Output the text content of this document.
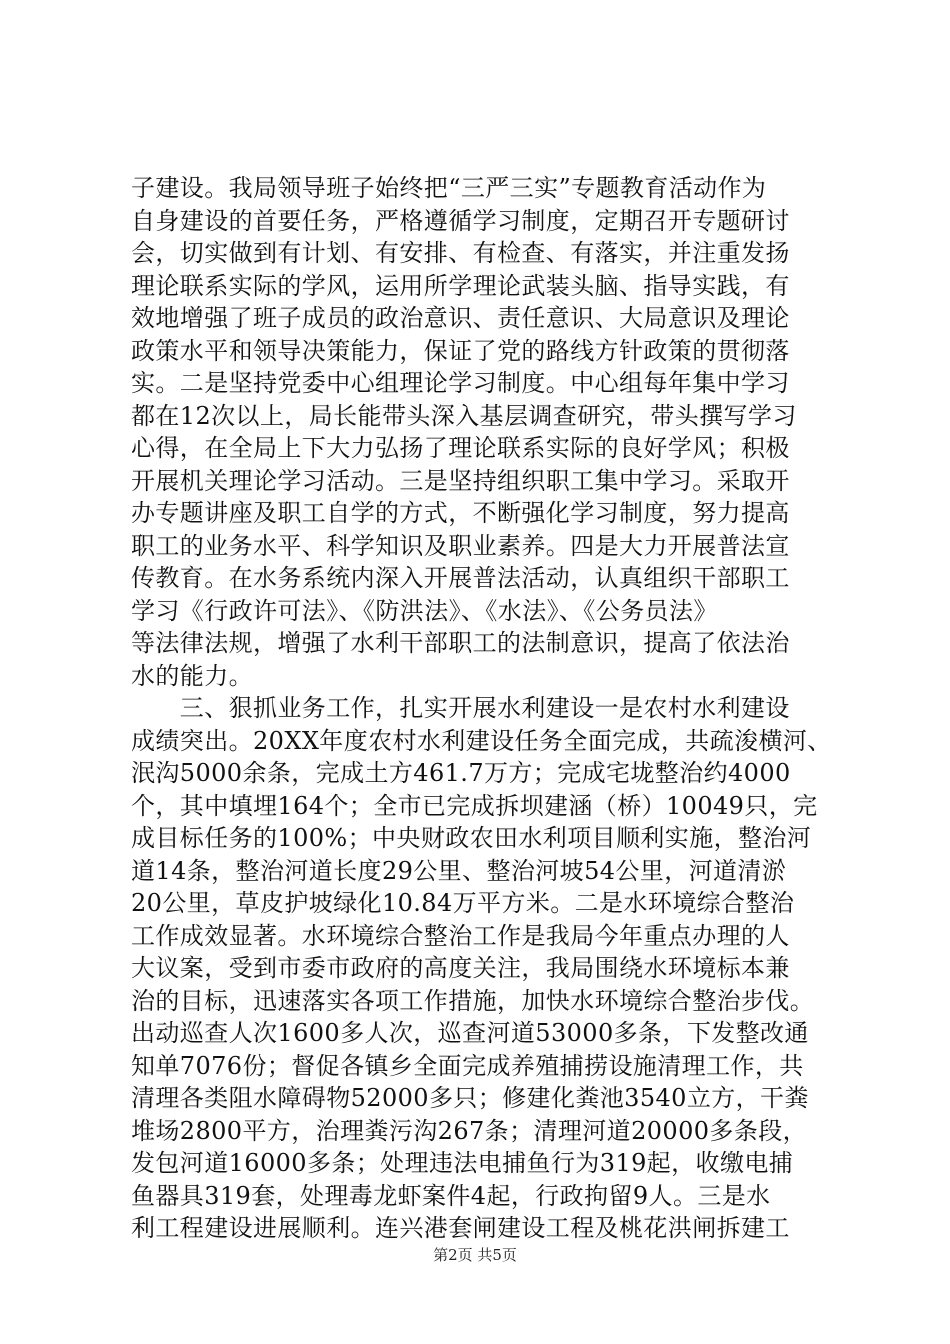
子建设。我局领导班子始终把“三严三实”专题教育活动作为
自身建设的首要任务，严格遵循学习制度，定期召开专题研讨
会，切实做到有计划、有安排、有检查、有落实，并注重发扬
理论联系实际的学风，运用所学理论武装头脑、指导实践，有
效地增强了班子成员的政治意识、责任意识、大局意识及理论
政策水平和领导决策能力，保证了党的路线方针政策的贯彻落
实。二是坚持党委中心组理论学习制度。中心组每年集中学习
都在12次以上，局长能带头深入基层调查研究，带头撰写学习
心得，在全局上下大力弘扬了理论联系实际的良好学风；积极
开展机关理论学习活动。三是坚持组织职工集中学习。采取开
办专题讲座及职工自学的方式，不断强化学习制度，努力提高
职工的业务水平、科学知识及职业素养。四是大力开展普法宣
传教育。在水务系统内深入开展普法活动，认真组织干部职工
学习《行政许可法》、《防洪法》、《水法》、《公务员法》
等法律法规，增强了水利干部职工的法制意识，提高了依法治
水的能力。
　　三、狠抓业务工作，扎实开展水利建设一是农村水利建设
成绩突出。20XX年度农村水利建设任务全面完成，共疏浚横河、
泯沟5000余条，完成土方461.7万方；完成宅垅整治约4000
个，其中填埋164个；全市已完成拆坝建涵（桥）10049只，完
成目标任务的100%；中央财政农田水利项目顺利实施，整治河
道14条，整治河道长度29公里、整治河坡54公里，河道清淤
20公里，草皮护坡绿化10.84万平方米。二是水环境综合整治
工作成效显著。水环境综合整治工作是我局今年重点办理的人
大议案，受到市委市政府的高度关注，我局围绕水环境标本兼
治的目标，迅速落实各项工作措施，加快水环境综合整治步伐。
出动巡查人次1600多人次，巡查河道53000多条，下发整改通
知单7076份；督促各镇乡全面完成养殖捕捞设施清理工作，共
清理各类阻水障碍物52000多只；修建化粪池3540立方，干粪
堆场2800平方，治理粪污沟267条；清理河道20000多条段，
发包河道16000多条；处理违法电捕鱼行为319起，收缴电捕
鱼器具319套，处理毒龙虾案件4起，行政拘留9人。三是水
利工程建设进展顺利。连兴港套闸建设工程及桃花洪闸拆建工
第2页 共5页
